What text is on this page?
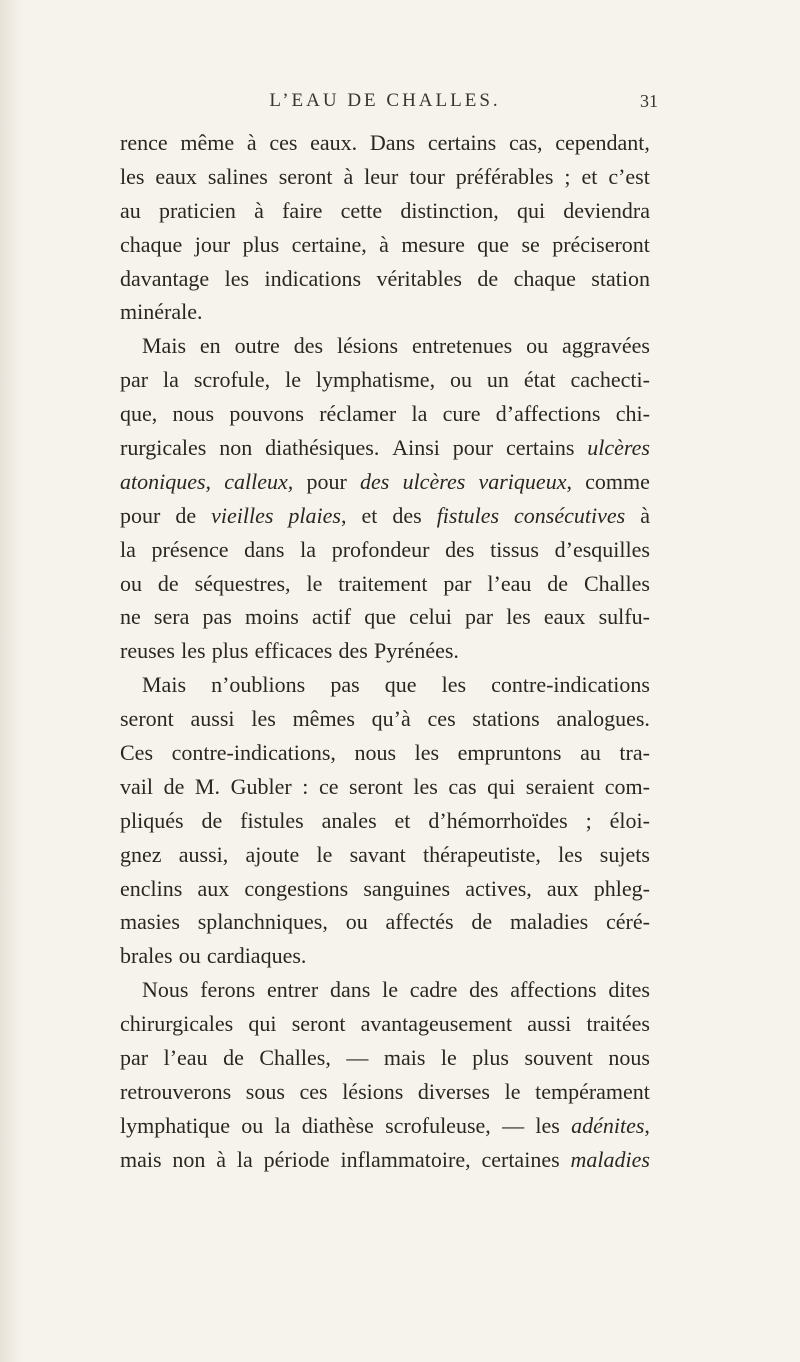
L’EAU DE CHALLES.	31
rence même à ces eaux. Dans certains cas, cependant,
les eaux salines seront à leur tour préférables ; et c’est
au praticien à faire cette distinction, qui deviendra
chaque jour plus certaine, à mesure que se préciseront
davantage les indications véritables de chaque station
minérale.
Mais en outre des lésions entretenues ou aggravées
par la scrofule, le lymphatisme, ou un état cachecti-
que, nous pouvons réclamer la cure d’affections chi-
rurgicales non diathésiques. Ainsi pour certains ulcères
atoniques, calleux, pour des ulcères variqueux, comme
pour de vieilles plaies, et des fistules consécutives à
la présence dans la profondeur des tissus d’esquilles
ou de séquestres, le traitement par l’eau de Challes
ne sera pas moins actif que celui par les eaux sulfu-
reuses les plus efficaces des Pyrénées.
Mais n’oublions pas que les contre-indications
seront aussi les mêmes qu’à ces stations analogues.
Ces contre-indications, nous les empruntons au tra-
vail de M. Gubler : ce seront les cas qui seraient com-
pliqués de fistules anales et d’hémorrhoïdes ; éloi-
gnez aussi, ajoute le savant thérapeutiste, les sujets
enclins aux congestions sanguines actives, aux phleg-
masies splanchniques, ou affectés de maladies céré-
brales ou cardiaques.
Nous ferons entrer dans le cadre des affections dites
chirurgicales qui seront avantageusement aussi traitées
par l’eau de Challes, — mais le plus souvent nous
retrouverons sous ces lésions diverses le tempérament
lymphatique ou la diathèse scrofuleuse, — les adénites,
mais non à la période inflammatoire, certaines maladies
